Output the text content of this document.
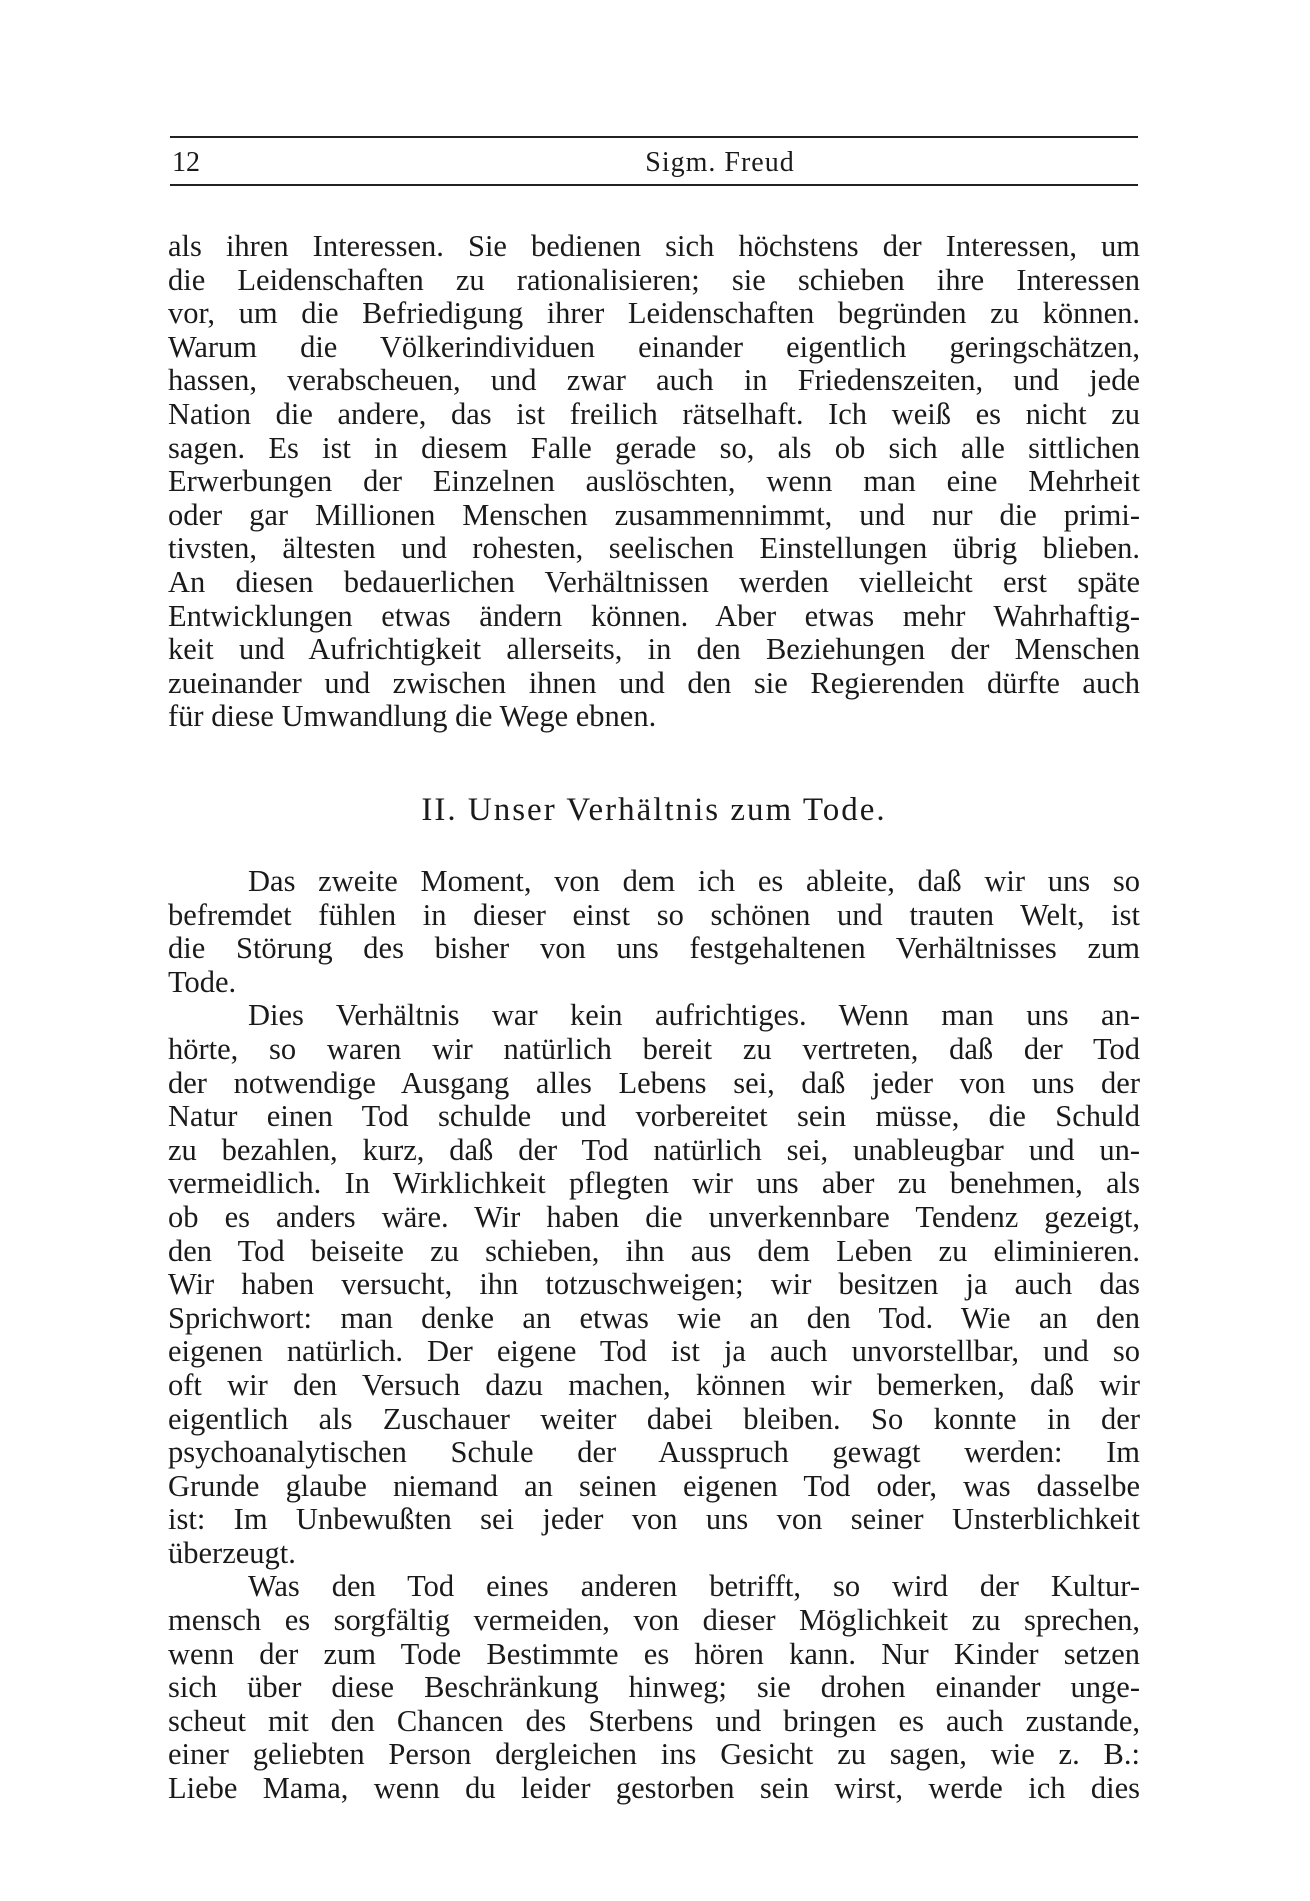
12	Sigm. Freud
als ihren Interessen. Sie bedienen sich höchstens der Interessen, um
die Leidenschaften zu rationalisieren; sie schieben ihre Interessen
vor, um die Befriedigung ihrer Leidenschaften begründen zu können.
Warum die Völkerindividuen einander eigentlich geringschätzen,
hassen, verabscheuen, und zwar auch in Friedenszeiten, und jede
Nation die andere, das ist freilich rätselhaft. Ich weiß es nicht zu
sagen. Es ist in diesem Falle gerade so, als ob sich alle sittlichen
Erwerbungen der Einzelnen auslöschten, wenn man eine Mehrheit
oder gar Millionen Menschen zusammennimmt, und nur die primi-
tivsten, ältesten und rohesten, seelischen Einstellungen übrig blieben.
An diesen bedauerlichen Verhältnissen werden vielleicht erst späte
Entwicklungen etwas ändern können. Aber etwas mehr Wahrhaftig-
keit und Aufrichtigkeit allerseits, in den Beziehungen der Menschen
zueinander und zwischen ihnen und den sie Regierenden dürfte auch
für diese Umwandlung die Wege ebnen.
II. Unser Verhältnis zum Tode.
Das zweite Moment, von dem ich es ableite, daß wir uns so
befremdet fühlen in dieser einst so schönen und trauten Welt, ist
die Störung des bisher von uns festgehaltenen Verhältnisses zum
Tode.
Dies Verhältnis war kein aufrichtiges. Wenn man uns an-
hörte, so waren wir natürlich bereit zu vertreten, daß der Tod
der notwendige Ausgang alles Lebens sei, daß jeder von uns der
Natur einen Tod schulde und vorbereitet sein müsse, die Schuld
zu bezahlen, kurz, daß der Tod natürlich sei, unableugbar und un-
vermeidlich. In Wirklichkeit pflegten wir uns aber zu benehmen, als
ob es anders wäre. Wir haben die unverkennbare Tendenz gezeigt,
den Tod beiseite zu schieben, ihn aus dem Leben zu eliminieren.
Wir haben versucht, ihn totzuschweigen; wir besitzen ja auch das
Sprichwort: man denke an etwas wie an den Tod. Wie an den
eigenen natürlich. Der eigene Tod ist ja auch unvorstellbar, und so
oft wir den Versuch dazu machen, können wir bemerken, daß wir
eigentlich als Zuschauer weiter dabei bleiben. So konnte in der
psychoanalytischen Schule der Ausspruch gewagt werden: Im
Grunde glaube niemand an seinen eigenen Tod oder, was dasselbe
ist: Im Unbewußten sei jeder von uns von seiner Unsterblichkeit
überzeugt.
Was den Tod eines anderen betrifft, so wird der Kultur-
mensch es sorgfältig vermeiden, von dieser Möglichkeit zu sprechen,
wenn der zum Tode Bestimmte es hören kann. Nur Kinder setzen
sich über diese Beschränkung hinweg; sie drohen einander unge-
scheut mit den Chancen des Sterbens und bringen es auch zustande,
einer geliebten Person dergleichen ins Gesicht zu sagen, wie z. B.:
Liebe Mama, wenn du leider gestorben sein wirst, werde ich dies
